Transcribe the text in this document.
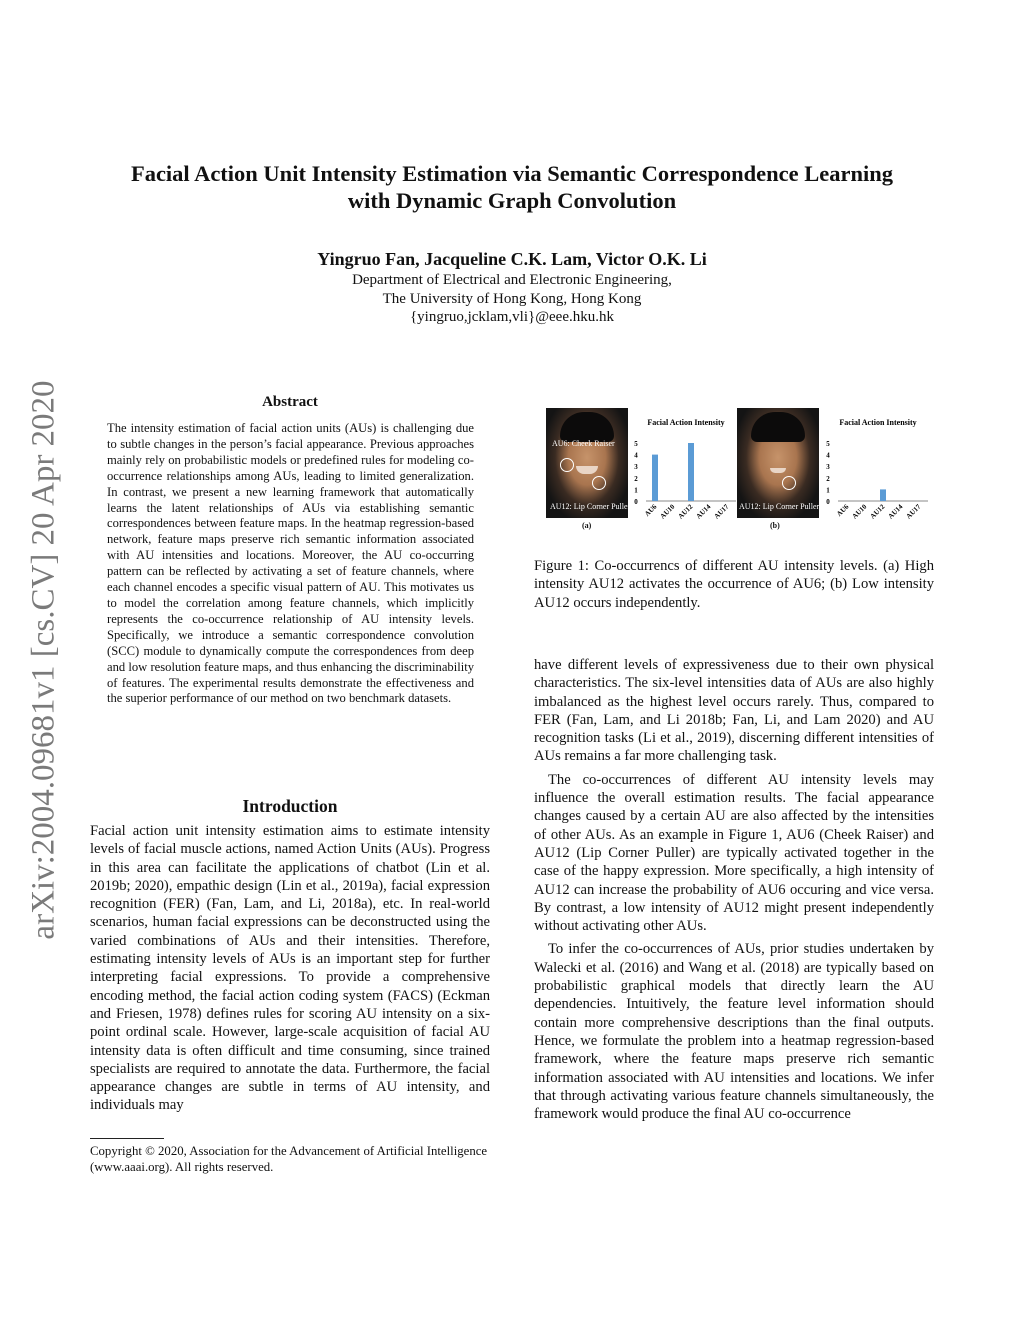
Facial Action Unit Intensity Estimation via Semantic Correspondence Learning
with Dynamic Graph Convolution
Yingruo Fan, Jacqueline C.K. Lam, Victor O.K. Li
Department of Electrical and Electronic Engineering,
The University of Hong Kong, Hong Kong
{yingruo,jcklam,vli}@eee.hku.hk
arXiv:2004.09681v1 [cs.CV] 20 Apr 2020	Abstract
The intensity estimation of facial action units (AUs) is challenging due to subtle changes in the person’s facial appearance. Previous approaches mainly rely on probabilistic models or predefined rules for modeling co-occurrence relationships among AUs, leading to limited generalization. In contrast, we present a new learning framework that automatically learns the latent relationships of AUs via establishing semantic correspondences between feature maps. In the heatmap regression-based network, feature maps preserve rich semantic information associated with AU intensities and locations. Moreover, the AU co-occurring pattern can be reflected by activating a set of feature channels, where each channel encodes a specific visual pattern of AU. This motivates us to model the correlation among feature channels, which implicitly represents the co-occurrence relationship of AU intensity levels. Specifically, we introduce a semantic correspondence convolution (SCC) module to dynamically compute the correspondences from deep and low resolution feature maps, and thus enhancing the discriminability of features. The experimental results demonstrate the effectiveness and the superior performance of our method on two benchmark datasets.
Introduction
Facial action unit intensity estimation aims to estimate intensity levels of facial muscle actions, named Action Units (AUs). Progress in this area can facilitate the applications of chatbot (Lin et al. 2019b; 2020), empathic design (Lin et al., 2019a), facial expression recognition (FER) (Fan, Lam, and Li, 2018a), etc. In real-world scenarios, human facial expressions can be deconstructed using the varied combinations of AUs and their intensities. Therefore, estimating intensity levels of AUs is an important step for further interpreting facial expressions. To provide a comprehensive encoding method, the facial action coding system (FACS) (Eckman and Friesen, 1978) defines rules for scoring AU intensity on a six-point ordinal scale. However, large-scale acquisition of facial AU intensity data is often difficult and time consuming, since trained specialists are required to annotate the data. Furthermore, the facial appearance changes are subtle in terms of AU intensity, and individuals may
Copyright © 2020, Association for the Advancement of Artificial Intelligence (www.aaai.org). All rights reserved.
AU6: Cheek Raiser
AU12: Lip Corner Puller
(a)
Facial Action Intensity
0
1
2
3
4
5
AU6 AU10 AU12 AU14 AU17 AU12: Lip Corner Puller
(b)
Facial Action Intensity
0
1
2
3
4
5
AU6 AU10 AU12 AU14 AU17
Figure 1: Co-occurrencs of different AU intensity levels. (a) High intensity AU12 activates the occurrence of AU6; (b) Low intensity AU12 occurs independently.

have different levels of expressiveness due to their own physical characteristics. The six-level intensities data of AUs are also highly imbalanced as the highest level occurs rarely. Thus, compared to FER (Fan, Lam, and Li 2018b; Fan, Li, and Lam 2020) and AU recognition tasks (Li et al., 2019), discerning different intensities of AUs remains a far more challenging task.

The co-occurrences of different AU intensity levels may influence the overall estimation results. The facial appearance changes caused by a certain AU are also affected by the intensities of other AUs. As an example in Figure 1, AU6 (Cheek Raiser) and AU12 (Lip Corner Puller) are typically activated together in the case of the happy expression. More specifically, a high intensity of AU12 can increase the probability of AU6 occuring and vice versa. By contrast, a low intensity of AU12 might present independently without activating other AUs.

To infer the co-occurrences of AUs, prior studies undertaken by Walecki et al. (2016) and Wang et al. (2018) are typically based on probabilistic graphical models that directly learn the AU dependencies. Intuitively, the feature level information should contain more comprehensive descriptions than the final outputs. Hence, we formulate the problem into a heatmap regression-based framework, where the feature maps preserve rich semantic information associated with AU intensities and locations. We infer that through activating various feature channels simultaneously, the framework would produce the final AU co-occurrence
